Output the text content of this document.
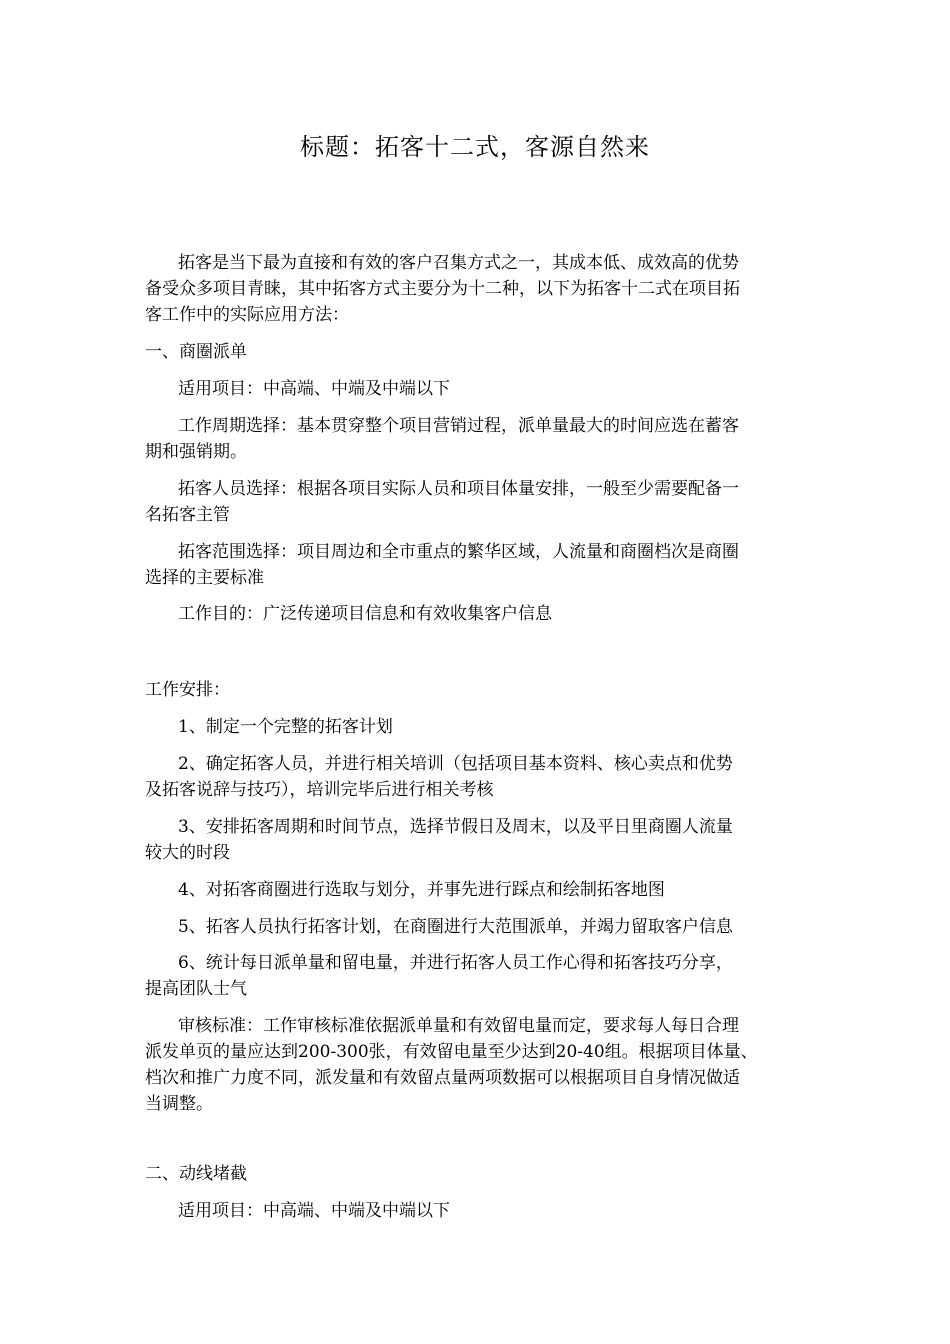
标题：拓客十二式，客源自然来
拓客是当下最为直接和有效的客户召集方式之一，其成本低、成效高的优势
备受众多项目青睐，其中拓客方式主要分为十二种，以下为拓客十二式在项目拓
客工作中的实际应用方法：
一、商圈派单
适用项目：中高端、中端及中端以下
工作周期选择：基本贯穿整个项目营销过程，派单量最大的时间应选在蓄客
期和强销期。
拓客人员选择：根据各项目实际人员和项目体量安排，一般至少需要配备一
名拓客主管
拓客范围选择：项目周边和全市重点的繁华区域，人流量和商圈档次是商圈
选择的主要标准
工作目的：广泛传递项目信息和有效收集客户信息
工作安排：
1、制定一个完整的拓客计划
2、确定拓客人员，并进行相关培训（包括项目基本资料、核心卖点和优势
及拓客说辞与技巧），培训完毕后进行相关考核
3、安排拓客周期和时间节点，选择节假日及周末，以及平日里商圈人流量
较大的时段
4、对拓客商圈进行选取与划分，并事先进行踩点和绘制拓客地图
5、拓客人员执行拓客计划，在商圈进行大范围派单，并竭力留取客户信息
6、统计每日派单量和留电量，并进行拓客人员工作心得和拓客技巧分享，
提高团队士气
审核标准：工作审核标准依据派单量和有效留电量而定，要求每人每日合理
派发单页的量应达到200-300张，有效留电量至少达到20-40组。根据项目体量、
档次和推广力度不同，派发量和有效留点量两项数据可以根据项目自身情况做适
当调整。
二、动线堵截
适用项目：中高端、中端及中端以下
